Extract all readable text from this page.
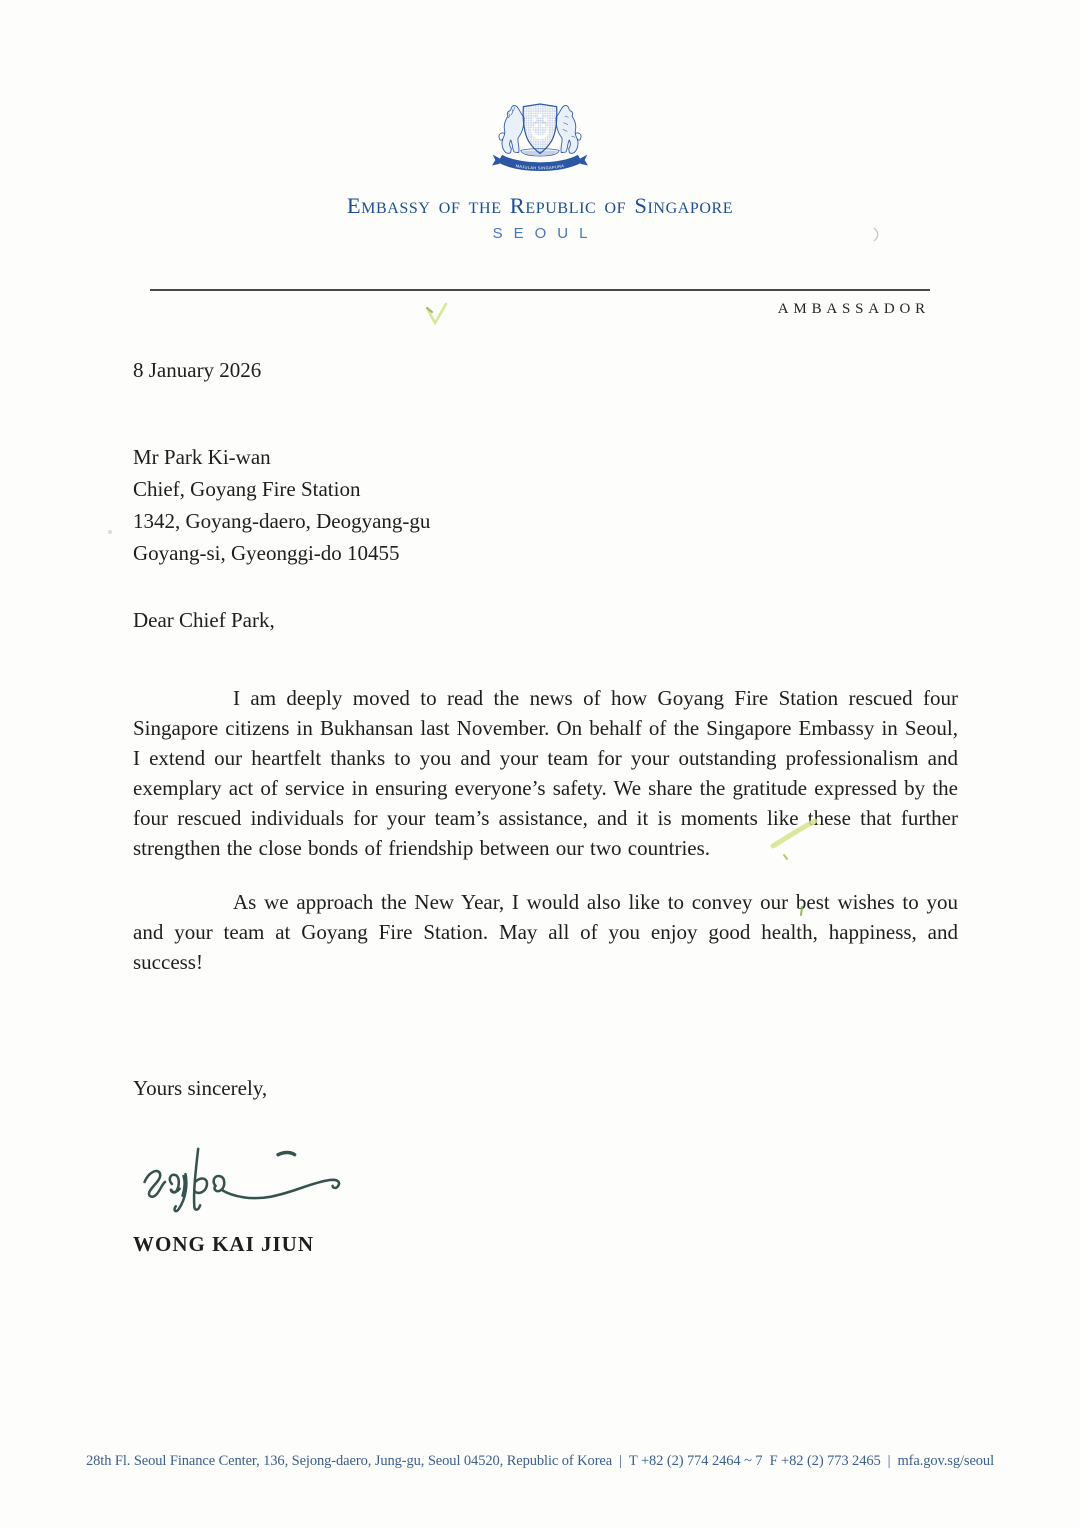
MAJULAH SINGAPURA
Embassy of the Republic of Singapore
SEOUL
AMBASSADOR
8 January 2026
Mr Park Ki-wan
Chief, Goyang Fire Station
1342, Goyang-daero, Deogyang-gu
Goyang-si, Gyeonggi-do 10455
Dear Chief Park,

I am deeply moved to read the news of how Goyang Fire Station rescued four Singapore citizens in Bukhansan last November. On behalf of the Singapore Embassy in Seoul, I extend our heartfelt thanks to you and your team for your outstanding professionalism and exemplary act of service in ensuring everyone’s safety. We share the gratitude expressed by the four rescued individuals for your team’s assistance, and it is moments like these that further strengthen the close bonds of friendship between our two countries.

As we approach the New Year, I would also like to convey our best wishes to you and your team at Goyang Fire Station. May all of you enjoy good health, happiness, and success!

Yours sincerely,
WONG KAI JIUN
28th Fl. Seoul Finance Center, 136, Sejong-daero, Jung-gu, Seoul 04520, Republic of Korea | T +82 (2) 774 2464 ~ 7 F +82 (2) 773 2465 | mfa.gov.sg/seoul
